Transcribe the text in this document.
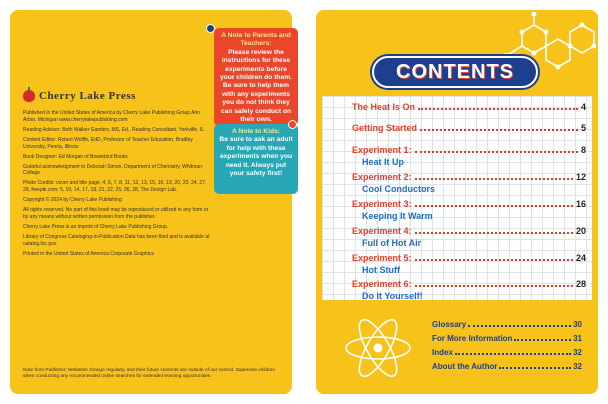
Cherry Lake Press

Published in the United States of America by Cherry Lake Publishing Group Ann Arbor, Michigan www.cherrylakepublishing.com

Reading Adviser: Beth Walker Gambro, MS, Ed., Reading Consultant, Yorkville, IL

Content Editor: Robert Wolffe, EdD, Professor of Teacher Education, Bradley University, Peoria, Illinois

Book Designer: Ed Morgan of Bowerbird Books

Grateful acknowledgment to Deborah Simon, Department of Chemistry, Whitman College

Photo Credits: cover and title page, 4, 6, 7, 8, 11, 12, 13, 15, 16, 19, 20, 23, 24, 27, 29, freepik.com; 5, 10, 14, 17, 18, 21, 22, 25, 26, 28, The Design Lab.

Copyright © 2024 by Cherry Lake Publishing

All rights reserved. No part of this book may be reproduced or utilized in any form or by any means without written permission from the publisher.

Cherry Lake Press is an imprint of Cherry Lake Publishing Group.

Library of Congress Cataloging-in-Publication Data has been filed and is available at catalog.loc.gov

Printed in the United States of America Corporate Graphics

Note from Publisher: Websites change regularly, and their future contents are outside of our control. Supervise children when conducting any recommended online searches for extended learning opportunities.
A Note to Parents and Teachers:
Please review the instructions for these experiments before your children do them. Be sure to help them with any experiments you do not think they can safely conduct on their own.
A Note to Kids:
Be sure to ask an adult for help with these experiments when you need it. Always put your safety first!
CONTENTS
The Heat Is On	4
Getting Started	5
Experiment 1:	8
Heat It Up
Experiment 2:	12
Cool Conductors
Experiment 3:	16
Keeping It Warm
Experiment 4:	20
Full of Hot Air
Experiment 5:	24
Hot Stuff
Experiment 6:	28
Do It Yourself!
Glossary	30
For More Information	31
Index	32
About the Author	32
